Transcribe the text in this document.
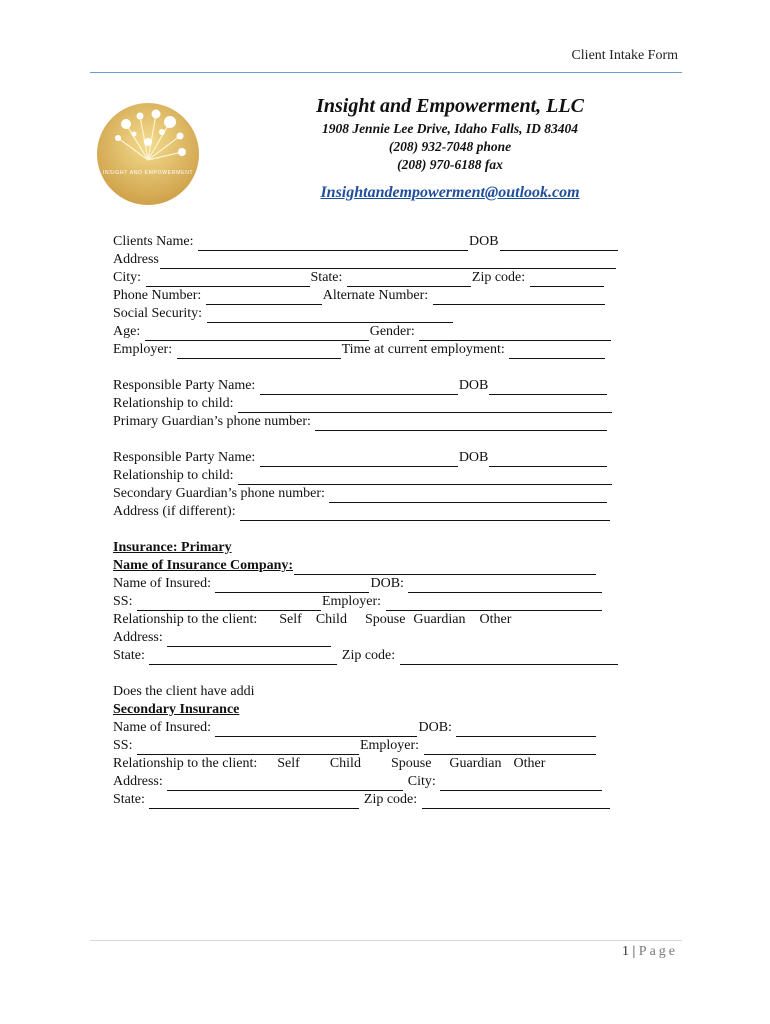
Client Intake Form
INSIGHT AND EMPOWERMENT
Insight and Empowerment, LLC
1908 Jennie Lee Drive, Idaho Falls, ID 83404
(208) 932-7048 phone
(208) 970-6188 fax
Insightandempowerment@outlook.com
Clients Name:	DOB
Address
City:	State:	Zip code:
Phone Number:	Alternate Number:
Social Security:
Age:	Gender:
Employer:	Time at current employment:
Responsible Party Name:	DOB
Relationship to child:
Primary Guardian’s phone number:
Responsible Party Name:	DOB
Relationship to child:
Secondary Guardian’s phone number:
Address (if different):
Insurance: Primary
Name of Insurance Company:
Name of Insured:	DOB:
SS:	Employer:
Relationship to the client: Self Child Spouse Guardian Other
Address:
State:	Zip code:
Does the client have addi
Secondary Insurance
Name of Insured:	DOB:
SS:	Employer:
Relationship to the client: Self Child Spouse Guardian Other
Address:	City:
State:	Zip code:
1 | Page
